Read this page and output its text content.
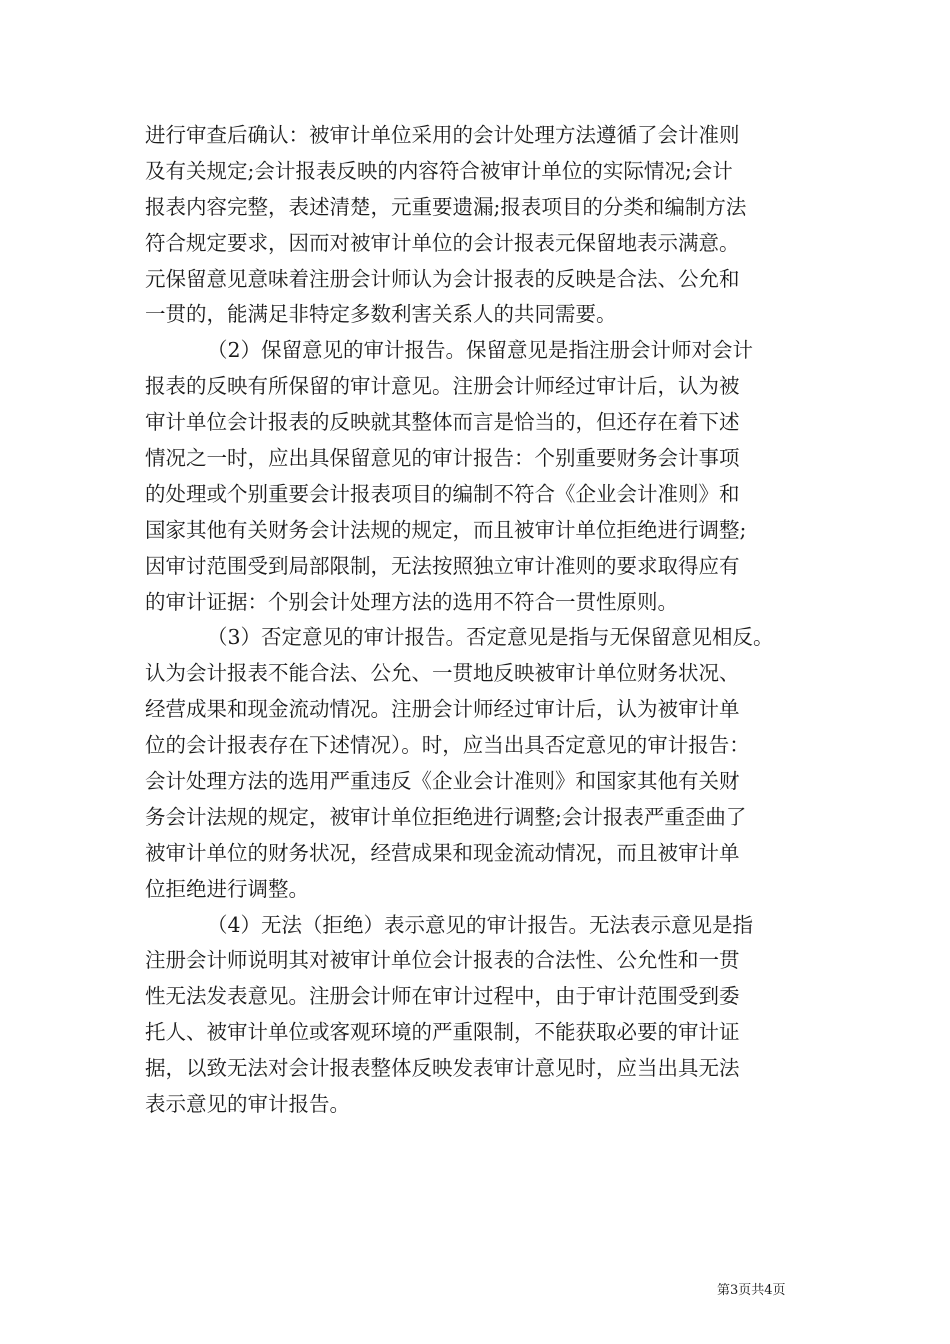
进行审查后确认：被审计单位采用的会计处理方法遵循了会计准则
及有关规定;会计报表反映的内容符合被审计单位的实际情况;会计
报表内容完整，表述清楚，元重要遗漏;报表项目的分类和编制方法
符合规定要求，因而对被审计单位的会计报表元保留地表示满意。
元保留意见意味着注册会计师认为会计报表的反映是合法、公允和
一贯的，能满足非特定多数利害关系人的共同需要。
（2）保留意见的审计报告。保留意见是指注册会计师对会计
报表的反映有所保留的审计意见。注册会计师经过审计后，认为被
审计单位会计报表的反映就其整体而言是恰当的，但还存在着下述
情况之一时，应出具保留意见的审计报告：个别重要财务会计事项
的处理或个别重要会计报表项目的编制不符合《企业会计准则》和
国家其他有关财务会计法规的规定，而且被审计单位拒绝进行调整;
因审讨范围受到局部限制，无法按照独立审计准则的要求取得应有
的审计证据：个别会计处理方法的选用不符合一贯性原则。
（3）否定意见的审计报告。否定意见是指与无保留意见相反。
认为会计报表不能合法、公允、一贯地反映被审计单位财务状况、
经营成果和现金流动情况。注册会计师经过审计后，认为被审计单
位的会计报表存在下述情况）。时，应当出具否定意见的审计报告：
会计处理方法的选用严重违反《企业会计准则》和国家其他有关财
务会计法规的规定，被审计单位拒绝进行调整;会计报表严重歪曲了
被审计单位的财务状况，经营成果和现金流动情况，而且被审计单
位拒绝进行调整。
（4）无法（拒绝）表示意见的审计报告。无法表示意见是指
注册会计师说明其对被审计单位会计报表的合法性、公允性和一贯
性无法发表意见。注册会计师在审计过程中，由于审计范围受到委
托人、被审计单位或客观环境的严重限制，不能获取必要的审计证
据，以致无法对会计报表整体反映发表审计意见时，应当出具无法
表示意见的审计报告。
第3页共4页
